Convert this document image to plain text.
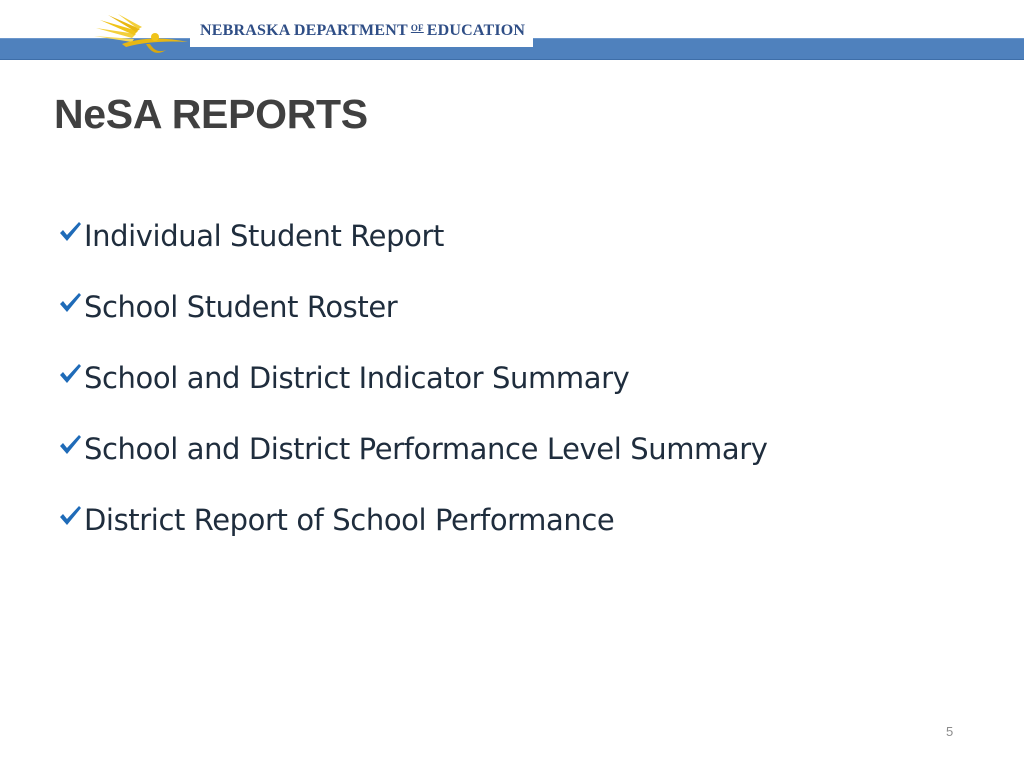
NEBRASKA DEPARTMENT $^{OF}$ EDUCATION
NeSA REPORTS
Individual Student Report
School Student Roster
School and District Indicator Summary
School and District Performance Level Summary
District Report of School Performance
5
